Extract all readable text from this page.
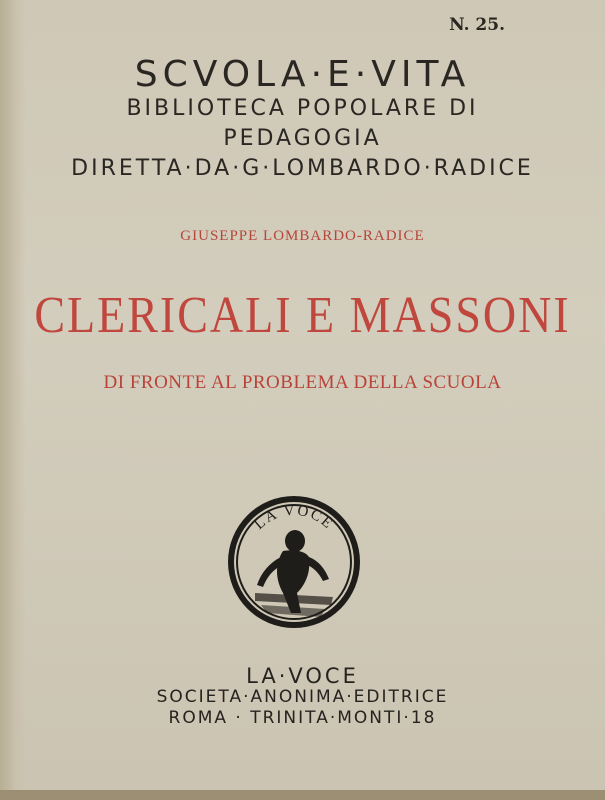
N. 25.
SCVOLA·E·VITA
BIBLIOTECA POPOLARE DI
PEDAGOGIA
DIRETTA·DA·G·LOMBARDO·RADICE
GIUSEPPE LOMBARDO-RADICE
CLERICALI E MASSONI
DI FRONTE AL PROBLEMA DELLA SCUOLA
LA VOCE
LA·VOCE
SOCIETA·ANONIMA·EDITRICE
ROMA · TRINITA·MONTI·18
